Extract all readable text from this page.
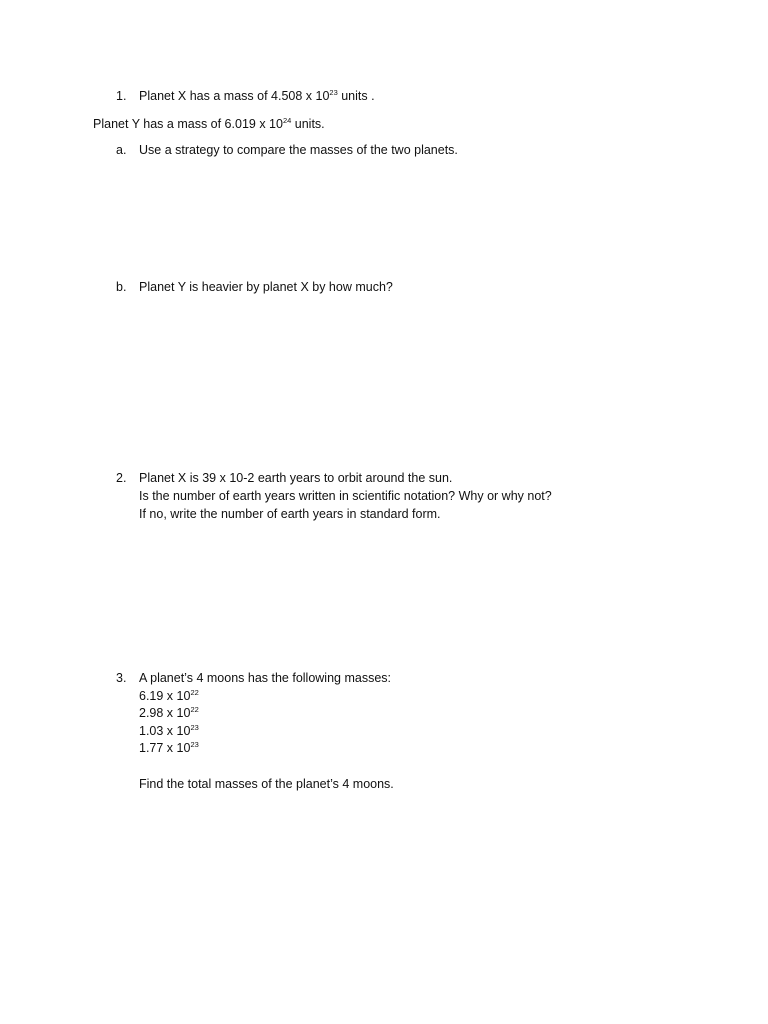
1. Planet X has a mass of 4.508 x $10^{23}$ units .
Planet Y has a mass of 6.019 x $10^{24}$ units.
a. Use a strategy to compare the masses of the two planets.
b. Planet Y is heavier by planet X by how much?
2. Planet X is 39 x 10-2 earth years to orbit around the sun.
Is the number of earth years written in scientific notation? Why or why not?
If no, write the number of earth years in standard form.
3. A planet’s 4 moons has the following masses:
6.19 x $10^{22}$
2.98 x $10^{22}$
1.03 x $10^{23}$
1.77 x $10^{23}$
Find the total masses of the planet’s 4 moons.
